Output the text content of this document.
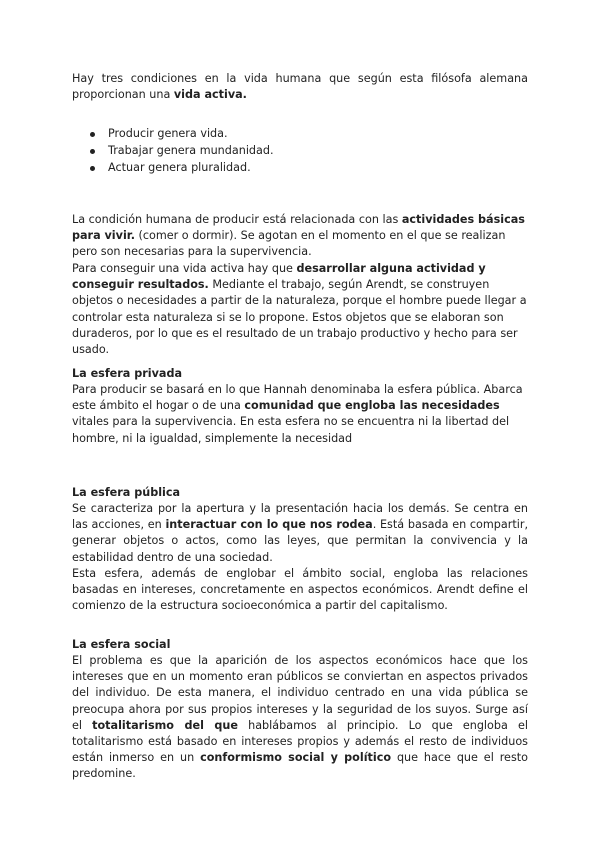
Hay tres condiciones en la vida humana que según esta filósofa alemana proporcionan una vida activa.

Producir genera vida.
Trabajar genera mundanidad.
Actuar genera pluralidad.

La condición humana de producir está relacionada con las actividades básicas para vivir. (comer o dormir). Se agotan en el momento en el que se realizan pero son necesarias para la supervivencia.

Para conseguir una vida activa hay que desarrollar alguna actividad y conseguir resultados. Mediante el trabajo, según Arendt, se construyen objetos o necesidades a partir de la naturaleza, porque el hombre puede llegar a controlar esta naturaleza si se lo propone. Estos objetos que se elaboran son duraderos, por lo que es el resultado de un trabajo productivo y hecho para ser usado.

La esfera privada

Para producir se basará en lo que Hannah denominaba la esfera pública. Abarca este ámbito el hogar o de una comunidad que engloba las necesidades vitales para la supervivencia. En esta esfera no se encuentra ni la libertad del hombre, ni la igualdad, simplemente la necesidad

La esfera pública

Se caracteriza por la apertura y la presentación hacia los demás. Se centra en las acciones, en interactuar con lo que nos rodea. Está basada en compartir, generar objetos o actos, como las leyes, que permitan la convivencia y la estabilidad dentro de una sociedad.

Esta esfera, además de englobar el ámbito social, engloba las relaciones basadas en intereses, concretamente en aspectos económicos. Arendt define el comienzo de la estructura socioeconómica a partir del capitalismo.

La esfera social

El problema es que la aparición de los aspectos económicos hace que los intereses que en un momento eran públicos se conviertan en aspectos privados del individuo. De esta manera, el individuo centrado en una vida pública se preocupa ahora por sus propios intereses y la seguridad de los suyos. Surge así el totalitarismo del que hablábamos al principio. Lo que engloba el totalitarismo está basado en intereses propios y además el resto de individuos están inmerso en un conformismo social y político que hace que el resto predomine.
